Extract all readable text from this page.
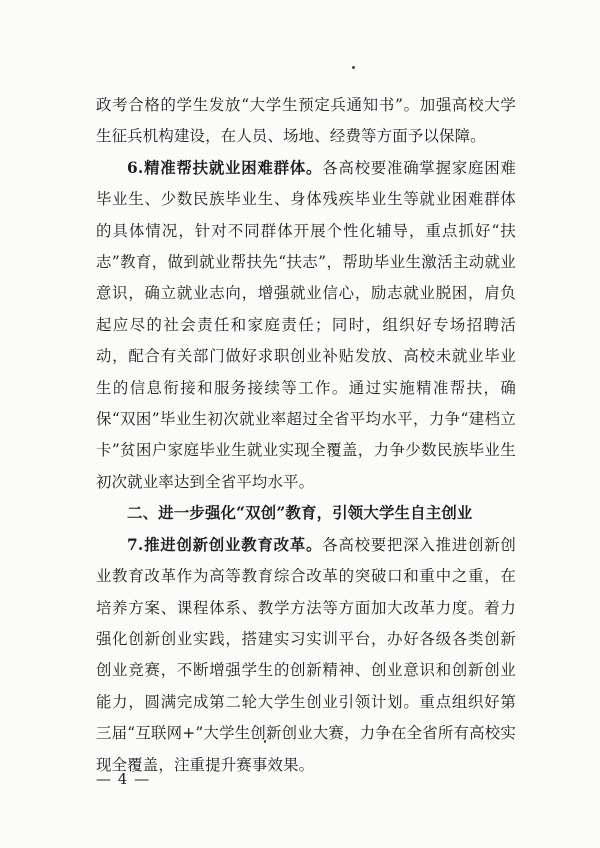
政考合格的学生发放“大学生预定兵通知书”。加强高校大学生征兵机构建设，在人员、场地、经费等方面予以保障。

6.精准帮扶就业困难群体。各高校要准确掌握家庭困难毕业生、少数民族毕业生、身体残疾毕业生等就业困难群体的具体情况，针对不同群体开展个性化辅导，重点抓好“扶志”教育，做到就业帮扶先“扶志”，帮助毕业生激活主动就业意识，确立就业志向，增强就业信心，励志就业脱困，肩负起应尽的社会责任和家庭责任；同时，组织好专场招聘活动，配合有关部门做好求职创业补贴发放、高校未就业毕业生的信息衔接和服务接续等工作。通过实施精准帮扶，确保“双困”毕业生初次就业率超过全省平均水平，力争“建档立卡”贫困户家庭毕业生就业实现全覆盖，力争少数民族毕业生初次就业率达到全省平均水平。

二、进一步强化“双创”教育，引领大学生自主创业

7.推进创新创业教育改革。各高校要把深入推进创新创业教育改革作为高等教育综合改革的突破口和重中之重，在培养方案、课程体系、教学方法等方面加大改革力度。着力强化创新创业实践，搭建实习实训平台，办好各级各类创新创业竞赛，不断增强学生的创新精神、创业意识和创新创业能力，圆满完成第二轮大学生创业引领计划。重点组织好第三届“互联网+”大学生创新创业大赛，力争在全省所有高校实现全覆盖，注重提升赛事效果。

— 4 —
